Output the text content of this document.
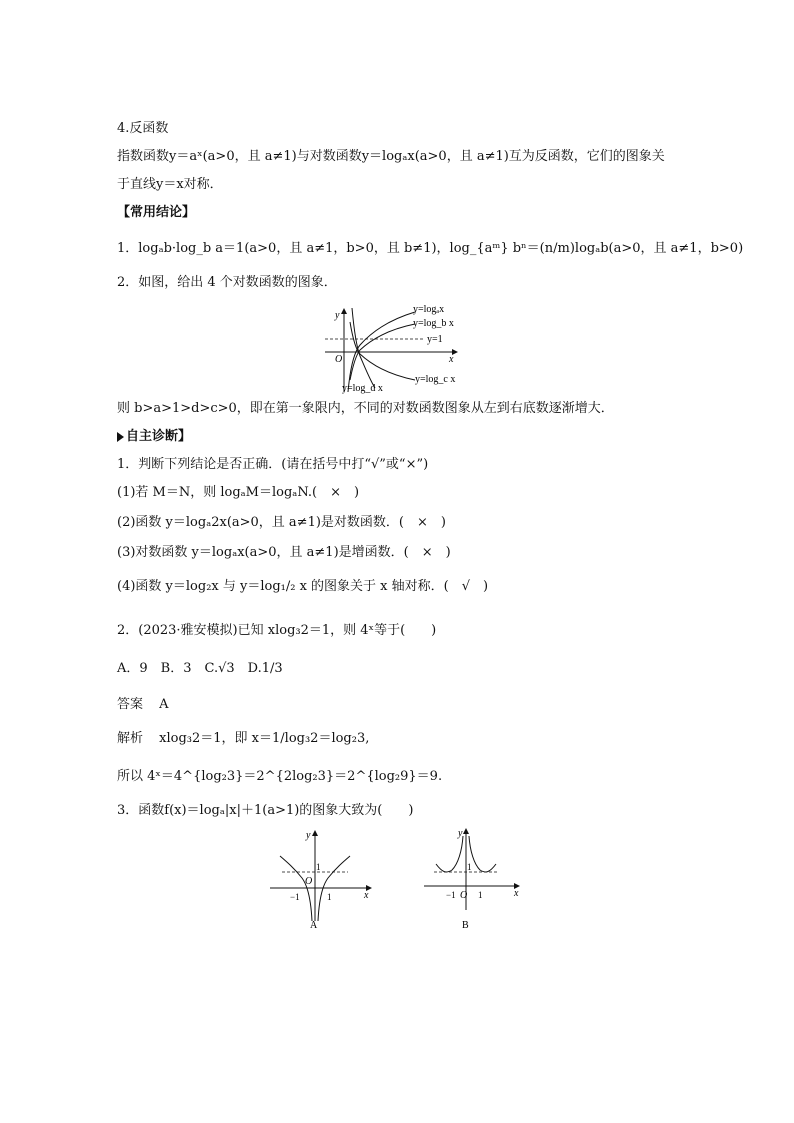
4.反函数
指数函数y＝aˣ(a>0，且 a≠1)与对数函数y＝logₐx(a>0，且 a≠1)互为反函数，它们的图象关
于直线y＝x对称．
【常用结论】
1．logₐb·log_b a＝1(a>0，且 a≠1，b>0，且 b≠1)，log_{aᵐ} bⁿ＝(n/m)logₐb(a>0，且 a≠1，b>0)
2．如图，给出 4 个对数函数的图象．
y=logₐx
y=log_b x
y=1
y=log_c x
y=log_d x
x
y
O
则 b>a>1>d>c>0，即在第一象限内，不同的对数函数图象从左到右底数逐渐增大．
自主诊断】
1．判断下列结论是否正确．(请在括号中打“√”或“×”)
(1)若 M＝N，则 logₐM＝logₐN.(　×　)
(2)函数 y＝logₐ2x(a>0，且 a≠1)是对数函数．(　×　)
(3)对数函数 y＝logₐx(a>0，且 a≠1)是增函数．(　×　)
(4)函数 y＝log₂x 与 y＝log₁/₂ x 的图象关于 x 轴对称．(　√　)
2．(2023·雅安模拟)已知 xlog₃2＝1，则 4ˣ等于(　　)
A．9　B．3　C.√3　D.1/3
答案 A
解析 xlog₃2＝1，即 x＝1/log₃2＝log₂3,
所以 4ˣ＝4^{log₂3}＝2^{2log₂3}＝2^{log₂9}＝9.
3．函数f(x)＝logₐ|x|＋1(a>1)的图象大致为(　　)
y
x
O
1
−1	1
A
y
x
O
1
−1 1
B
